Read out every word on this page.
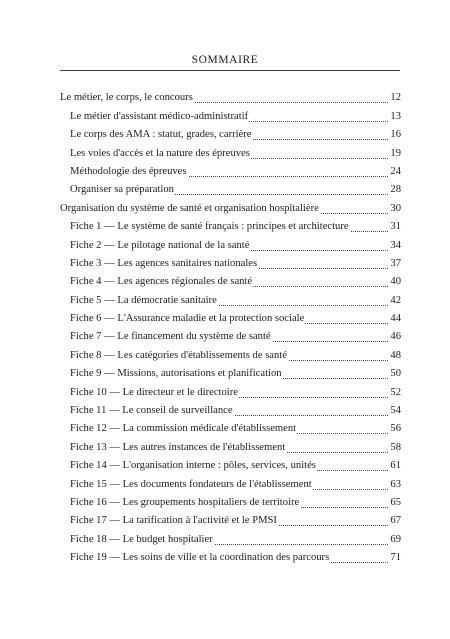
SOMMAIRE
Le métier, le corps, le concours	12
Le métier d'assistant médico-administratif	13
Le corps des AMA : statut, grades, carrière	16
Les voies d'accès et la nature des épreuves	19
Méthodologie des épreuves	24
Organiser sa préparation	28
Organisation du système de santé et organisation hospitalière	30
Fiche 1 — Le système de santé français : principes et architecture	31
Fiche 2 — Le pilotage national de la santé	34
Fiche 3 — Les agences sanitaires nationales	37
Fiche 4 — Les agences régionales de santé	40
Fiche 5 — La démocratie sanitaire	42
Fiche 6 — L'Assurance maladie et la protection sociale	44
Fiche 7 — Le financement du système de santé	46
Fiche 8 — Les catégories d'établissements de santé	48
Fiche 9 — Missions, autorisations et planification	50
Fiche 10 — Le directeur et le directoire	52
Fiche 11 — Le conseil de surveillance	54
Fiche 12 — La commission médicale d'établissement	56
Fiche 13 — Les autres instances de l'établissement	58
Fiche 14 — L'organisation interne : pôles, services, unités	61
Fiche 15 — Les documents fondateurs de l'établissement	63
Fiche 16 — Les groupements hospitaliers de territoire	65
Fiche 17 — La tarification à l'activité et le PMSI	67
Fiche 18 — Le budget hospitalier	69
Fiche 19 — Les soins de ville et la coordination des parcours	71
